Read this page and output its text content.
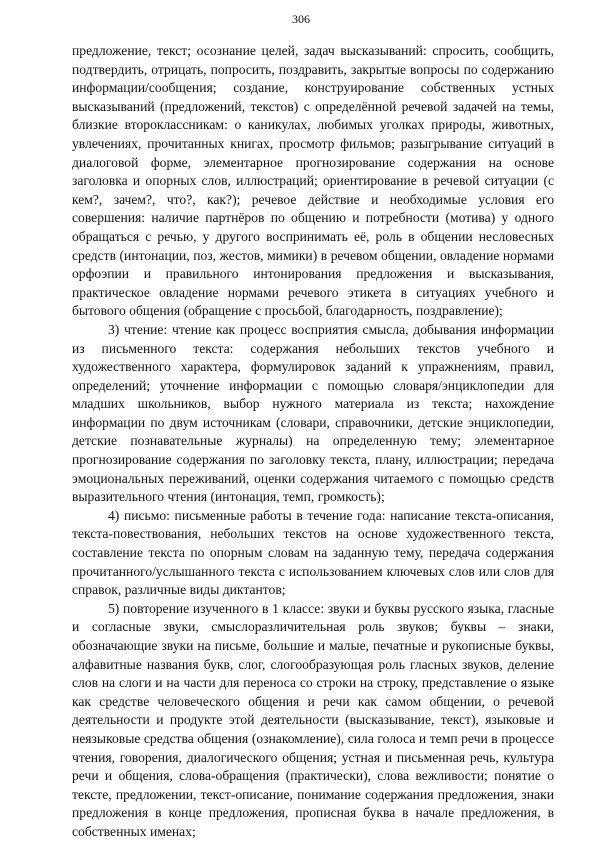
306

предложение, текст; осознание целей, задач высказываний: спросить, сообщить, подтвердить, отрицать, попросить, поздравить, закрытые вопросы по содержанию информации/сообщения; создание, конструирование собственных устных высказываний (предложений, текстов) с определённой речевой задачей на темы, близкие второклассникам: о каникулах, любимых уголках природы, животных, увлечениях, прочитанных книгах, просмотр фильмов; разыгрывание ситуаций в диалоговой форме, элементарное прогнозирование содержания на основе заголовка и опорных слов, иллюстраций; ориентирование в речевой ситуации (с кем?, зачем?, что?, как?); речевое действие и необходимые условия его совершения: наличие партнёров по общению и потребности (мотива) у одного обращаться с речью, у другого воспринимать её, роль в общении несловесных средств (интонации, поз, жестов, мимики) в речевом общении, овладение нормами орфоэпии и правильного интонирования предложения и высказывания, практическое овладение нормами речевого этикета в ситуациях учебного и бытового общения (обращение с просьбой, благодарность, поздравление);

3) чтение: чтение как процесс восприятия смысла, добывания информации из письменного текста: содержания небольших текстов учебного и художественного характера, формулировок заданий к упражнениям, правил, определений; уточнение информации с помощью словаря/энциклопедии для младших школьников, выбор нужного материала из текста; нахождение информации по двум источникам (словари, справочники, детские энциклопедии, детские познавательные журналы) на определенную тему; элементарное прогнозирование содержания по заголовку текста, плану, иллюстрации; передача эмоциональных переживаний, оценки содержания читаемого с помощью средств выразительного чтения (интонация, темп, громкость);

4) письмо: письменные работы в течение года: написание текста-описания, текста-повествования, небольших текстов на основе художественного текста, составление текста по опорным словам на заданную тему, передача содержания прочитанного/услышанного текста с использованием ключевых слов или слов для справок, различные виды диктантов;

5) повторение изученного в 1 классе: звуки и буквы русского языка, гласные и согласные звуки, смыслоразличительная роль звуков; буквы – знаки, обозначающие звуки на письме, большие и малые, печатные и рукописные буквы, алфавитные названия букв, слог, слогообразующая роль гласных звуков, деление слов на слоги и на части для переноса со строки на строку, представление о языке как средстве человеческого общения и речи как самом общении, о речевой деятельности и продукте этой деятельности (высказывание, текст), языковые и неязыковые средства общения (ознакомление), сила голоса и темп речи в процессе чтения, говорения, диалогического общения; устная и письменная речь, культура речи и общения, слова-обращения (практически), слова вежливости; понятие о тексте, предложении, текст-описание, понимание содержания предложения, знаки предложения в конце предложения, прописная буква в начале предложения, в собственных именах;
